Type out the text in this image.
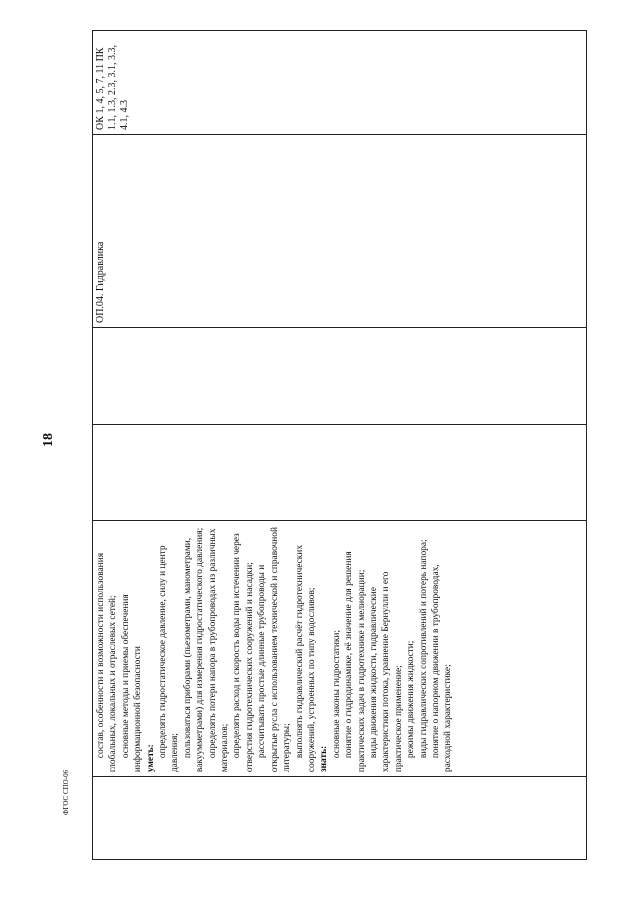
18

состав, особенности и возможности использования глобальных, локальных и отраслевых сетей; основные методы и приемы обеспечения информационной безопасности уметь:

определять гидростатическое давление, силу и центр давления; пользоваться приборами (пьезометрами, манометрами, вакуумметрами) для измерения гидростатического давления; определять потери напора в трубопроводах из различных материалов; определять расход и скорость воды при истечении через отверстия гидротехнических сооружений и насадки; рассчитывать простые длинные трубопроводы и открытые русла с использованием технической и справочной литературы; выполнять гидравлический расчёт гидротехнических сооружений, устроенных по типу водосливов; знать:

основные законы гидростатики; понятие о гидродинамике, её значение для решения практических задач в гидротехнике и мелиорации; виды движения жидкости, гидравлические характеристики потока, уравнение Бернулли и его практическое применение; режимы движения жидкости; виды гидравлических сопротивлений и потерь напора; понятие о напорном движении в трубопроводах, расходной характеристике;

			ОП.04. Гидравлика	ОК 1, 4, 5, 7, 11 ПК 1.1, 1.3, 2.3, 3.1, 3.3, 4.1, 4.3
ФГОС СПО-06
